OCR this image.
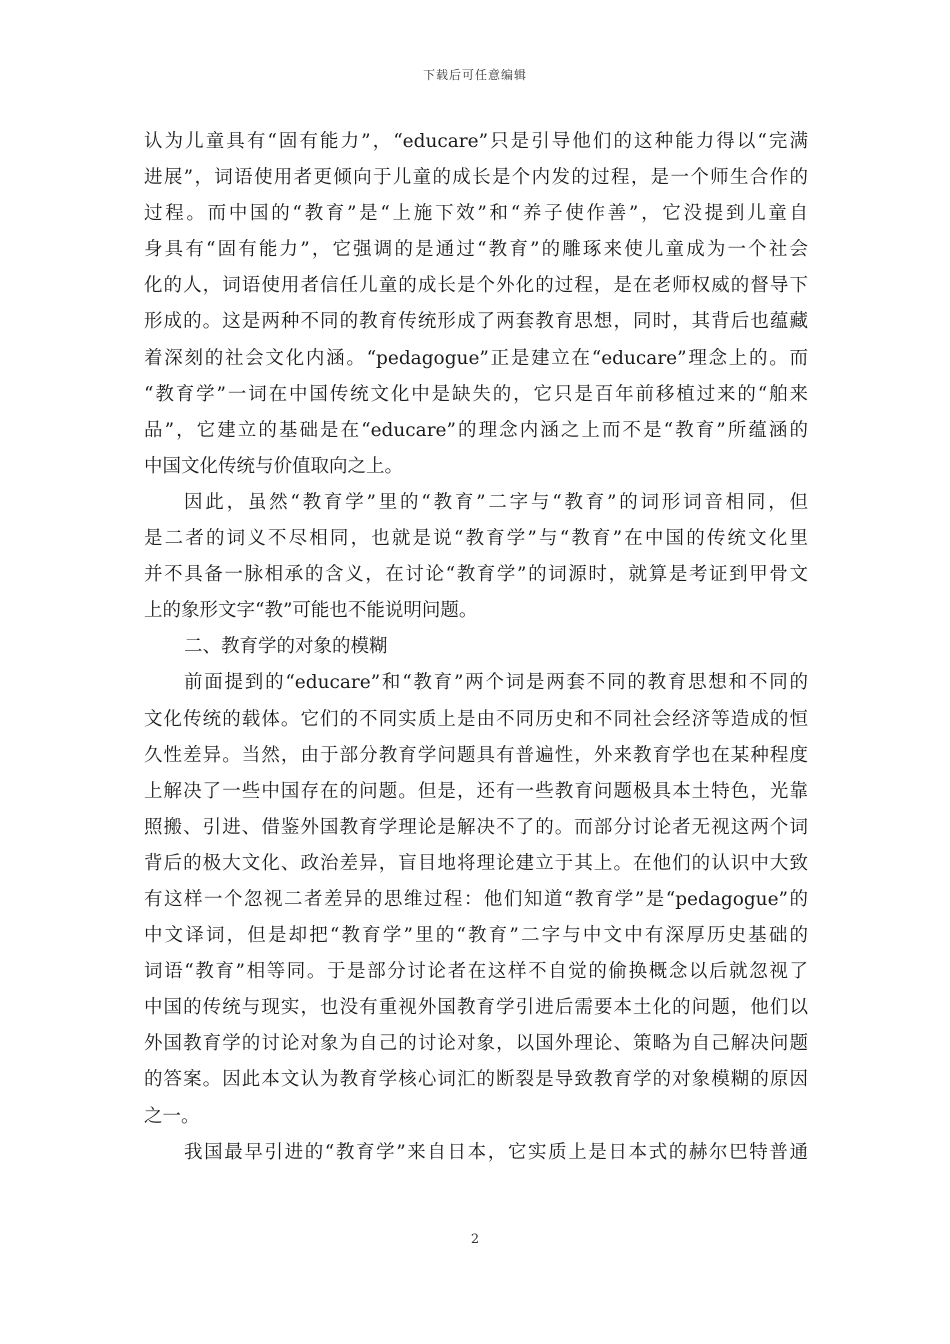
下载后可任意编辑
认为儿童具有“固有能力”，“educare”只是引导他们的这种能力得以“完满
进展”，词语使用者更倾向于儿童的成长是个内发的过程，是一个师生合作的
过程。而中国的“教育”是“上施下效”和“养子使作善”，它没提到儿童自
身具有“固有能力”，它强调的是通过“教育”的雕琢来使儿童成为一个社会
化的人，词语使用者信任儿童的成长是个外化的过程，是在老师权威的督导下
形成的。这是两种不同的教育传统形成了两套教育思想，同时，其背后也蕴藏
着深刻的社会文化内涵。“pedagogue”正是建立在“educare”理念上的。而
“教育学”一词在中国传统文化中是缺失的，它只是百年前移植过来的“舶来
品”，它建立的基础是在“educare”的理念内涵之上而不是“教育”所蕴涵的
中国文化传统与价值取向之上。
因此，虽然“教育学”里的“教育”二字与“教育”的词形词音相同，但
是二者的词义不尽相同，也就是说“教育学”与“教育”在中国的传统文化里
并不具备一脉相承的含义，在讨论“教育学”的词源时，就算是考证到甲骨文
上的象形文字“教”可能也不能说明问题。
二、教育学的对象的模糊
前面提到的“educare”和“教育”两个词是两套不同的教育思想和不同的
文化传统的载体。它们的不同实质上是由不同历史和不同社会经济等造成的恒
久性差异。当然，由于部分教育学问题具有普遍性，外来教育学也在某种程度
上解决了一些中国存在的问题。但是，还有一些教育问题极具本土特色，光靠
照搬、引进、借鉴外国教育学理论是解决不了的。而部分讨论者无视这两个词
背后的极大文化、政治差异，盲目地将理论建立于其上。在他们的认识中大致
有这样一个忽视二者差异的思维过程：他们知道“教育学”是“pedagogue”的
中文译词，但是却把“教育学”里的“教育”二字与中文中有深厚历史基础的
词语“教育”相等同。于是部分讨论者在这样不自觉的偷换概念以后就忽视了
中国的传统与现实，也没有重视外国教育学引进后需要本土化的问题，他们以
外国教育学的讨论对象为自己的讨论对象，以国外理论、策略为自己解决问题
的答案。因此本文认为教育学核心词汇的断裂是导致教育学的对象模糊的原因
之一。
我国最早引进的“教育学”来自日本，它实质上是日本式的赫尔巴特普通
2
